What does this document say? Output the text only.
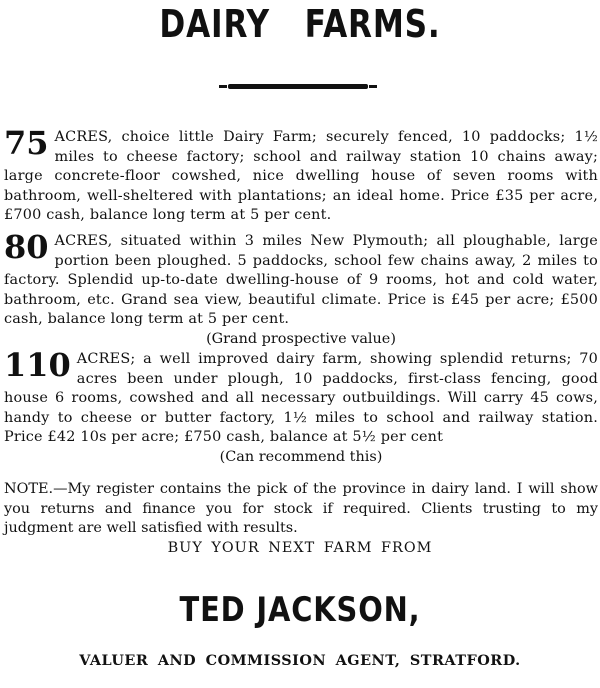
DAIRY FARMS.
75 ACRES, choice little Dairy Farm; securely fenced, 10 paddocks; 1½ miles to cheese factory; school and railway station 10 chains away; large concrete-floor cowshed, nice dwelling house of seven rooms with bathroom, well-sheltered with plantations; an ideal home. Price £35 per acre, £700 cash, balance long term at 5 per cent.
80 ACRES, situated within 3 miles New Plymouth; all ploughable, large portion been ploughed. 5 paddocks, school few chains away, 2 miles to factory. Splendid up-to-date dwelling-house of 9 rooms, hot and cold water, bathroom, etc. Grand sea view, beautiful climate. Price is £45 per acre; £500 cash, balance long term at 5 per cent.
(Grand prospective value)
110 ACRES; a well improved dairy farm, showing splendid returns; 70 acres been under plough, 10 paddocks, first-class fencing, good house 6 rooms, cowshed and all necessary outbuildings. Will carry 45 cows, handy to cheese or butter factory, 1½ miles to school and railway station. Price £42 10s per acre; £750 cash, balance at 5½ per cent
(Can recommend this)
NOTE.—My register contains the pick of the province in dairy land. I will show you returns and finance you for stock if required. Clients trusting to my judgment are well satisfied with results.
BUY YOUR NEXT FARM FROM
TED JACKSON,
VALUER AND COMMISSION AGENT, STRATFORD.
